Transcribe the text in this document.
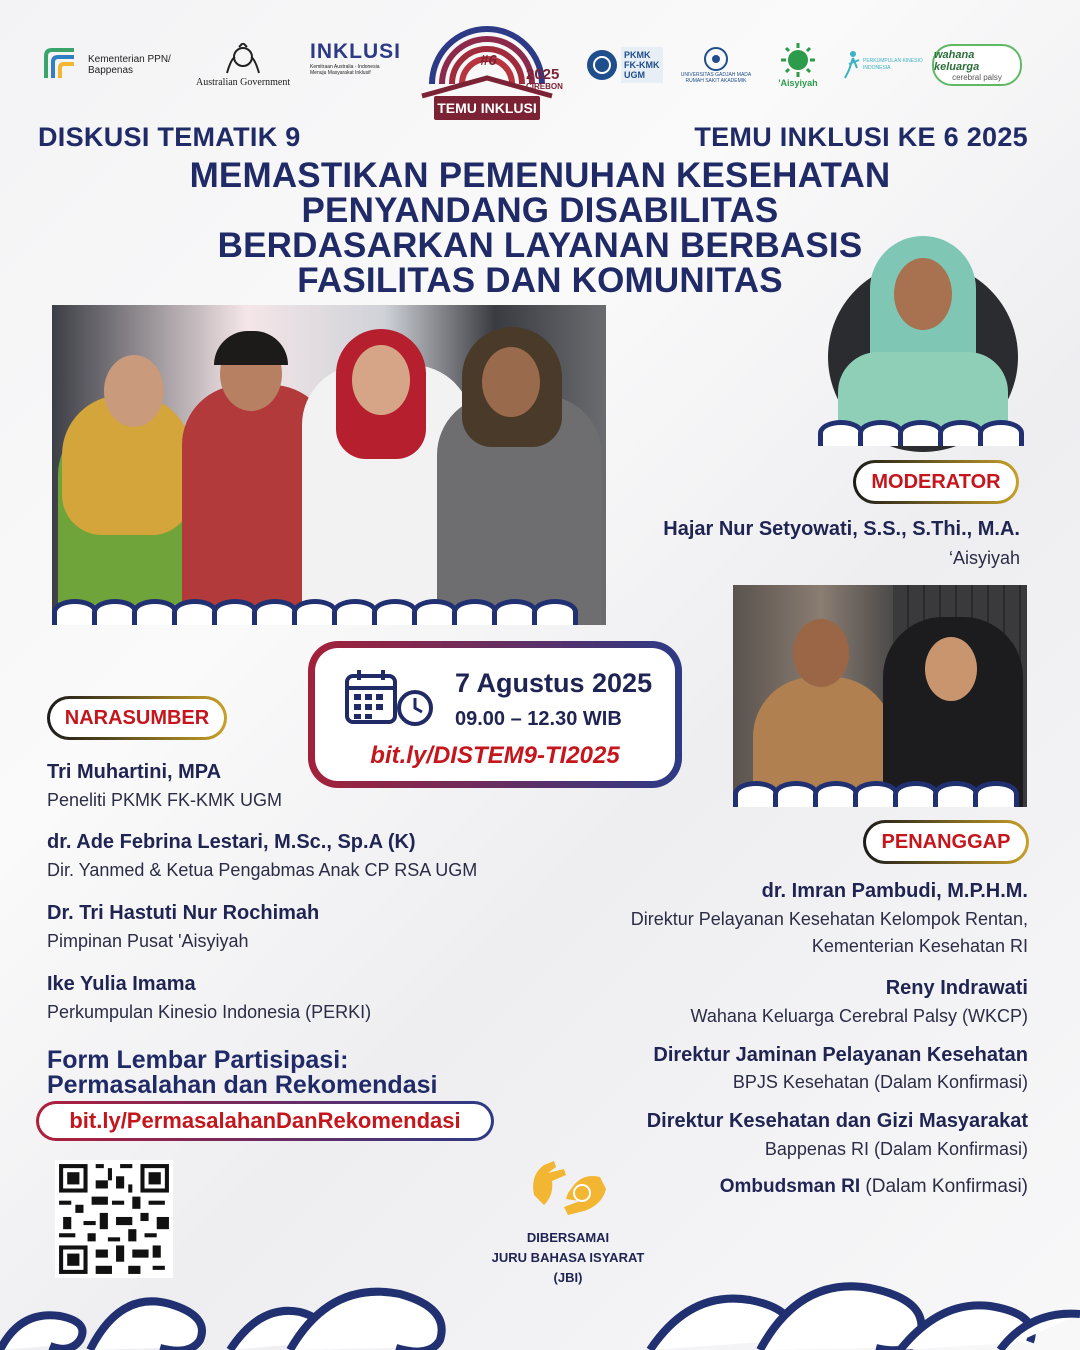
Kementerian PPN/ Bappenas
Australian Government
INKLUSI
Kemitraan Australia - Indonesia Menuju Masyarakat Inklusif
#6
2025
CIREBON
TEMU INKLUSI
PKMK FK-KMK UGM	UNIVERSITAS GADJAH MADA RUMAH SAKIT AKADEMIK	'Aisyiyah
PERKUMPULAN KINESIO INDONESIA
wahana keluarga
cerebral palsy
DISKUSI TEMATIK 9	TEMU INKLUSI KE 6 2025
MEMASTIKAN PEMENUHAN KESEHATAN
PENYANDANG DISABILITAS
BERDASARKAN LAYANAN BERBASIS
FASILITAS DAN KOMUNITAS
MODERATOR
Hajar Nur Setyowati, S.S., S.Thi., M.A.
‘Aisyiyah
7 Agustus 2025
09.00 – 12.30 WIB
bit.ly/DISTEM9-TI2025
NARASUMBER
Tri Muhartini, MPA
Peneliti PKMK FK-KMK UGM
dr. Ade Febrina Lestari, M.Sc., Sp.A (K)
Dir. Yanmed & Ketua Pengabmas Anak CP RSA UGM
Dr. Tri Hastuti Nur Rochimah
Pimpinan Pusat 'Aisyiyah
Ike Yulia Imama
Perkumpulan Kinesio Indonesia (PERKI)
PENANGGAP
dr. Imran Pambudi, M.P.H.M.
Direktur Pelayanan Kesehatan Kelompok Rentan,
Kementerian Kesehatan RI
Reny Indrawati
Wahana Keluarga Cerebral Palsy (WKCP)
Direktur Jaminan Pelayanan Kesehatan
BPJS Kesehatan (Dalam Konfirmasi)
Direktur Kesehatan dan Gizi Masyarakat
Bappenas RI (Dalam Konfirmasi)
Ombudsman RI (Dalam Konfirmasi)
Form Lembar Partisipasi:
Permasalahan dan Rekomendasi
bit.ly/PermasalahanDanRekomendasi
DIBERSAMAI
JURU BAHASA ISYARAT
(JBI)
